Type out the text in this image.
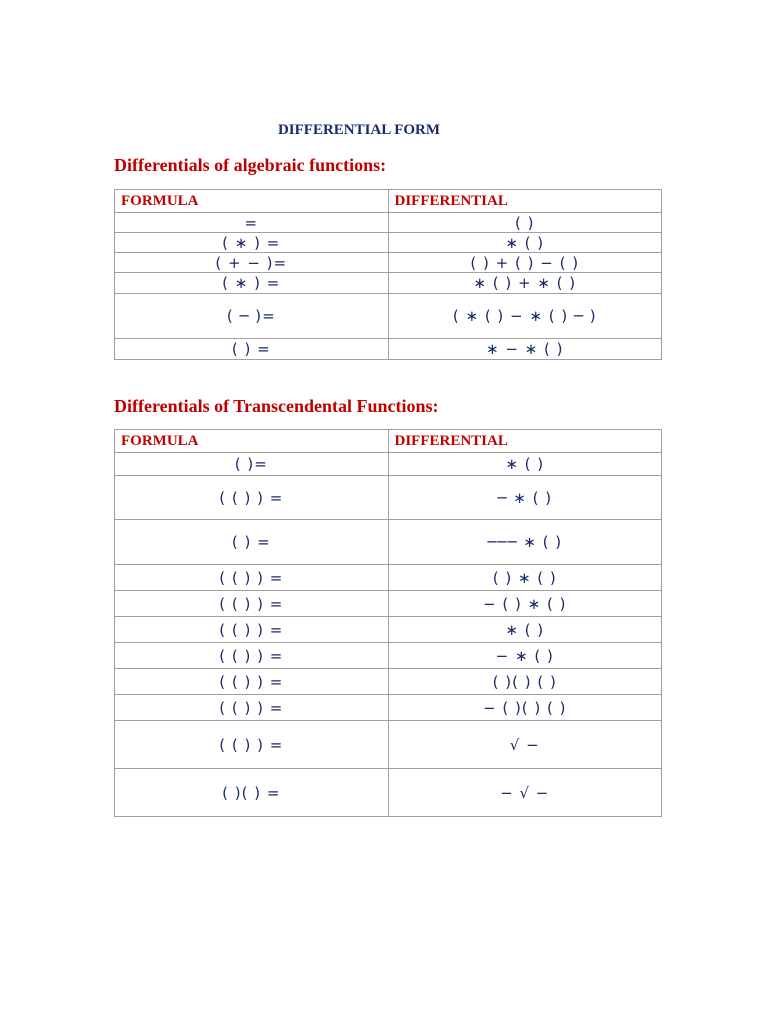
DIFFERENTIAL FORM
Differentials of algebraic functions:
FORMULA	DIFFERENTIAL
=	( )
( ∗ ) =	∗ ( )
( + − )=	( ) + ( ) − ( )
( ∗ ) =	∗ ( ) + ∗ ( )
( ─ )=	( ∗ ( ) − ∗ ( ) ─ )
( ) =	∗ − ∗ ( )
Differentials of Transcendental Functions:
FORMULA	DIFFERENTIAL
( )=	∗ ( )
( ( ) ) =	─ ∗ ( )
( ) =	─── ∗ ( )
( ( ) ) =	( ) ∗ ( )
( ( ) ) =	− ( ) ∗ ( )
( ( ) ) =	∗ ( )
( ( ) ) =	− ∗ ( )
( ( ) ) =	( )( ) ( )
( ( ) ) =	− ( )( ) ( )
( ( ) ) =	√ −
( )( ) =	− √ −
